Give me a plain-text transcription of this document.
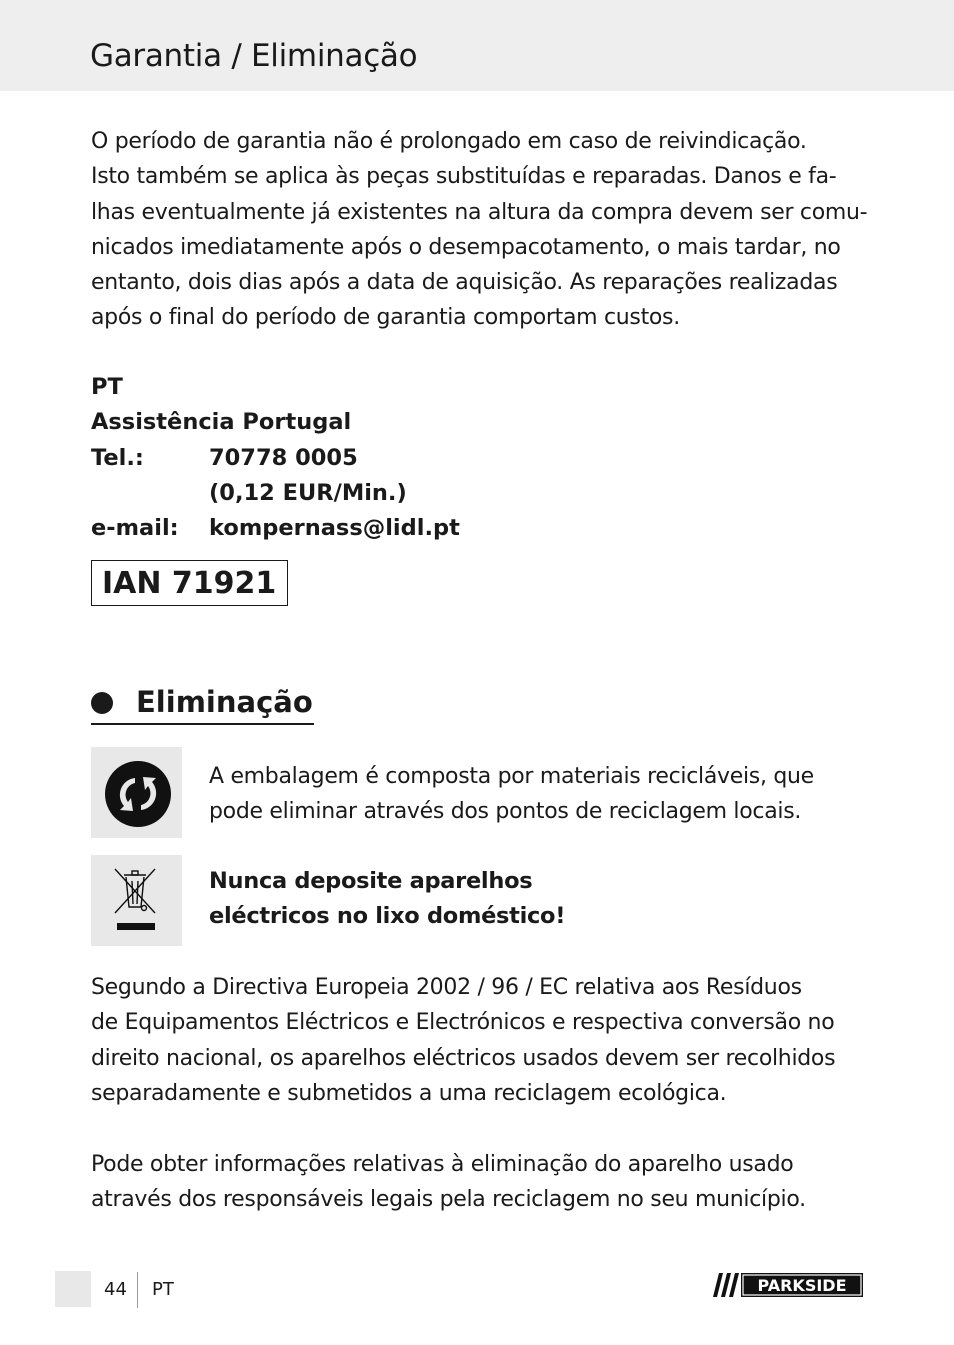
Garantia / Eliminação
O período de garantia não é prolongado em caso de reivindicação.
Isto também se aplica às peças substituídas e reparadas. Danos e fa-
lhas eventualmente já existentes na altura da compra devem ser comu-
nicados imediatamente após o desempacotamento, o mais tardar, no
entanto, dois dias após a data de aquisição. As reparações realizadas
após o final do período de garantia comportam custos.
PT
Assistência Portugal
Tel.:	70778 0005
(0,12 EUR/Min.)
e-mail: kompernass@lidl.pt
IAN 71921
Eliminação
A embalagem é composta por materiais recicláveis, que
pode eliminar através dos pontos de reciclagem locais.
Nunca deposite aparelhos
eléctricos no lixo doméstico!
Segundo a Directiva Europeia 2002 / 96 / EC relativa aos Resíduos
de Equipamentos Eléctricos e Electrónicos e respectiva conversão no
direito nacional, os aparelhos eléctricos usados devem ser recolhidos
separadamente e submetidos a uma reciclagem ecológica.
Pode obter informações relativas à eliminação do aparelho usado
através dos responsáveis legais pela reciclagem no seu município.
44 PT	PARKSIDE
